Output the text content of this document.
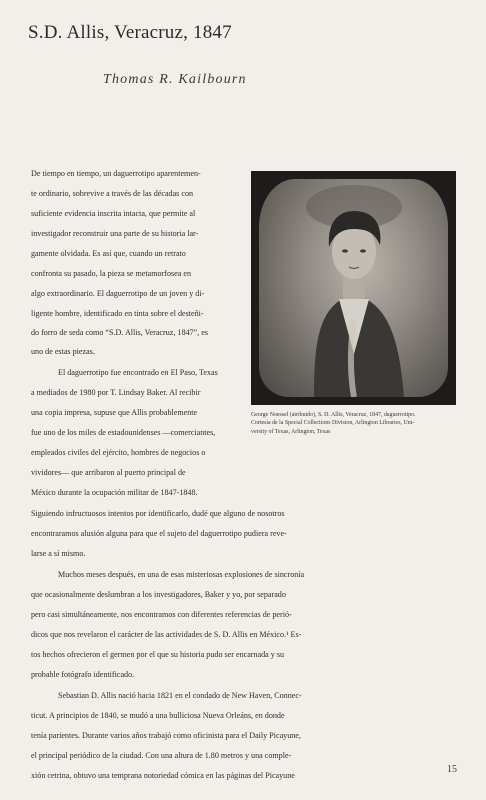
S.D. Allis, Veracruz, 1847
Thomas R. Kailbourn
George Noessel (atribuido), S. D. Allis, Veracruz, 1847, daguerrotipo.
Cortesía de la Special Collections Division, Arlington Libraries, Uni-
versity of Texas, Arlington, Texas
De tiempo en tiempo, un daguerrotipo aparentemen-
te ordinario, sobrevive a través de las décadas con
suficiente evidencia inscrita intacta, que permite al
investigador reconstruir una parte de su historia lar-
gamente olvidada. Es así que, cuando un retrato
confronta su pasado, la pieza se metamorfosea en
algo extraordinario. El daguerrotipo de un joven y di-
ligente hombre, identificado en tinta sobre el desteñi-
do forro de seda como “S.D. Allis, Veracruz, 1847”, es
uno de estas piezas.
El daguerrotipo fue encontrado en El Paso, Texas
a mediados de 1980 por T. Lindsay Baker. Al recibir
una copia impresa, supuse que Allis probablemente
fue uno de los miles de estadounidenses —comerciantes,
empleados civiles del ejército, hombres de negocios o
vividores— que arribaron al puerto principal de
México durante la ocupación militar de 1847-1848.
Siguiendo infructuosos intentos por identificarlo, dudé que alguno de nosotros
encontraramos alusión alguna para que el sujeto del daguerrotipo pudiera reve-
larse a sí mismo.
Muchos meses después, en una de esas misteriosas explosiones de sincronía
que ocasionalmente deslumbran a los investigadores, Baker y yo, por separado
pero casi simultáneamente, nos encontramos con diferentes referencias de perió-
dicos que nos revelaron el carácter de las actividades de S. D. Allis en México.¹ Es-
tos hechos ofrecieron el germen por el que su historia pudo ser encarnada y su
probable fotógrafo identificado.
Sebastian D. Allis nació hacia 1821 en el condado de New Haven, Connec-
ticut. A principios de 1840, se mudó a una bulliciosa Nueva Orleáns, en donde
tenía parientes. Durante varios años trabajó como oficinista para el Daily Picayune,
el principal periódico de la ciudad. Con una altura de 1.80 metros y una comple-
xión cetrina, obtuvo una temprana notoriedad cómica en las páginas del Picayune
15
